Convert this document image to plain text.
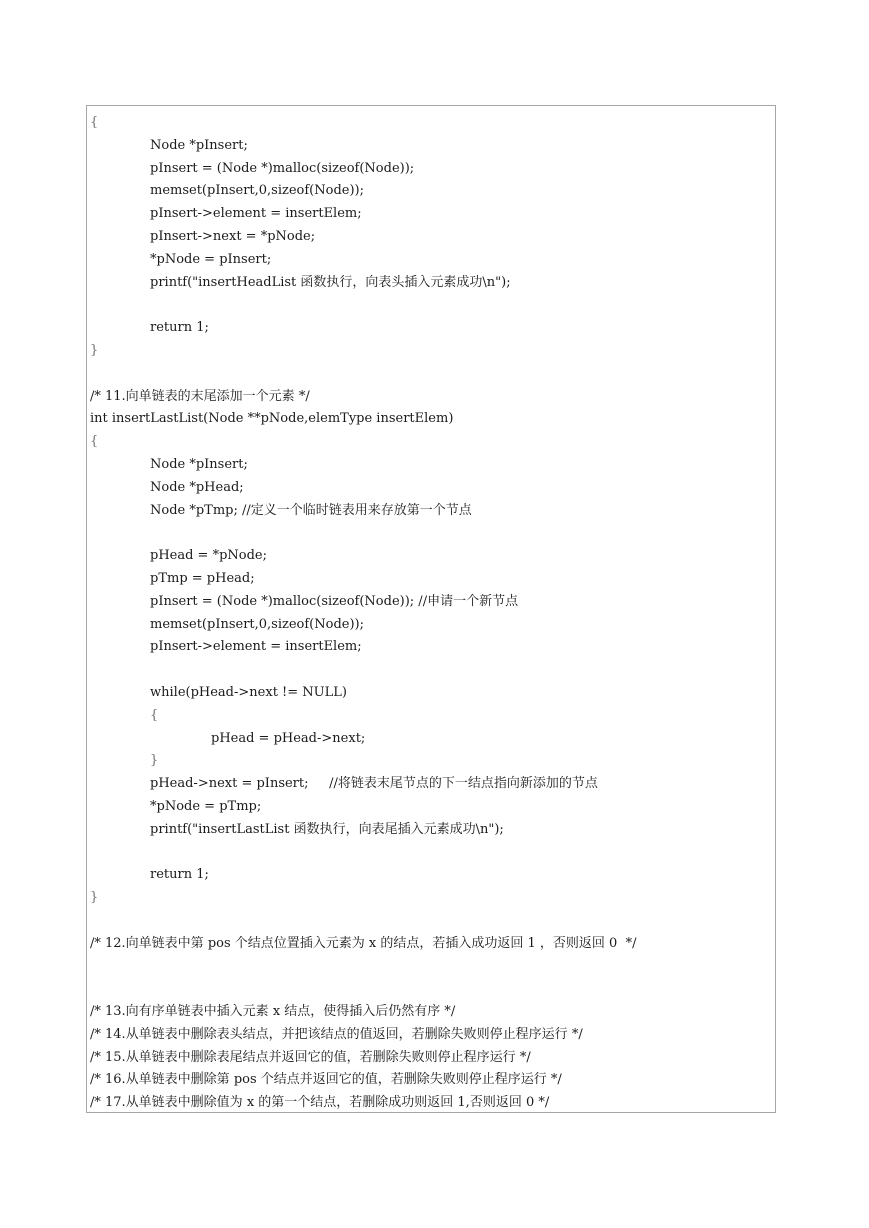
{
Node *pInsert;
pInsert = (Node *)malloc(sizeof(Node));
memset(pInsert,0,sizeof(Node));
pInsert->element = insertElem;
pInsert->next = *pNode;
*pNode = pInsert;
printf("insertHeadList 函数执行，向表头插入元素成功\n");
return 1;
}
/* 11.向单链表的末尾添加一个元素 */
int insertLastList(Node **pNode,elemType insertElem)
{
Node *pInsert;
Node *pHead;
Node *pTmp; //定义一个临时链表用来存放第一个节点
pHead = *pNode;
pTmp = pHead;
pInsert = (Node *)malloc(sizeof(Node)); //申请一个新节点
memset(pInsert,0,sizeof(Node));
pInsert->element = insertElem;
while(pHead->next != NULL)
{
pHead = pHead->next;
}
pHead->next = pInsert;     //将链表末尾节点的下一结点指向新添加的节点
*pNode = pTmp;
printf("insertLastList 函数执行，向表尾插入元素成功\n");
return 1;
}
/* 12.向单链表中第 pos 个结点位置插入元素为 x 的结点，若插入成功返回 1 ，否则返回 0  */
/* 13.向有序单链表中插入元素 x 结点，使得插入后仍然有序 */
/* 14.从单链表中删除表头结点，并把该结点的值返回，若删除失败则停止程序运行 */
/* 15.从单链表中删除表尾结点并返回它的值，若删除失败则停止程序运行 */
/* 16.从单链表中删除第 pos 个结点并返回它的值，若删除失败则停止程序运行 */
/* 17.从单链表中删除值为 x 的第一个结点，若删除成功则返回 1,否则返回 0 */
